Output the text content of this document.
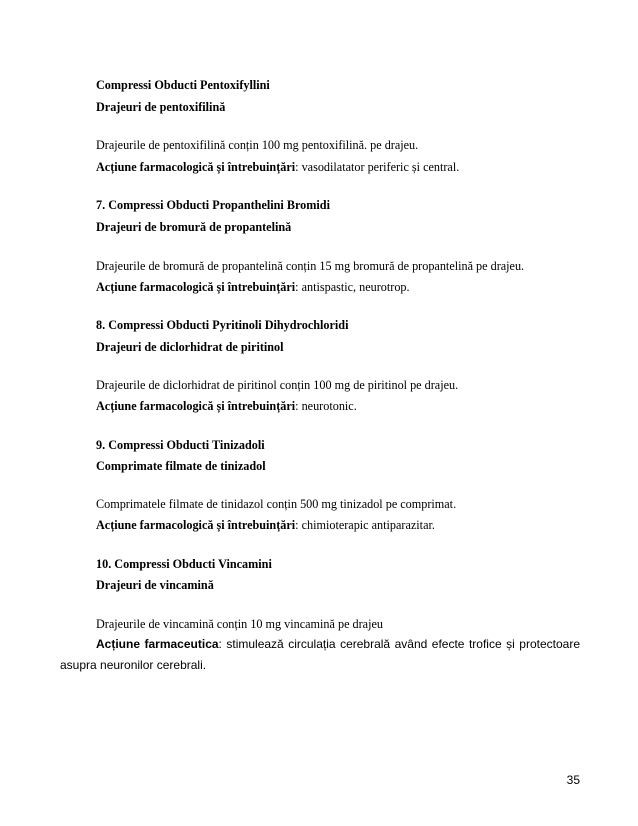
Compressi Obducti Pentoxifyllini
Drajeuri de pentoxifilină
Drajeurile de pentoxifilină conțin 100 mg pentoxifilină. pe drajeu.
Acțiune farmacologică și întrebuințări: vasodilatator periferic și central.
7. Compressi Obducti Propanthelini Bromidi
Drajeuri de bromură de propantelină
Drajeurile de bromură de propantelină conțin 15 mg bromură de propantelină pe drajeu.
Acțiune farmacologică și întrebuințări: antispastic, neurotrop.
8. Compressi Obducti Pyritinoli Dihydrochloridi
Drajeuri de diclorhidrat de piritinol
Drajeurile de diclorhidrat de piritinol conțin 100 mg de piritinol pe drajeu.
Acțiune farmacologică și întrebuințări: neurotonic.
9. Compressi Obducti Tinizadoli
Comprimate filmate de tinizadol
Comprimatele filmate de tinidazol conțin 500 mg tinizadol pe comprimat.
Acțiune farmacologică și întrebuințări: chimioterapic antiparazitar.
10. Compressi Obducti Vincamini
Drajeuri de vincamină
Drajeurile de vincamină conțin 10 mg vincamină pe drajeu
Acțiune farmaceutica: stimulează circulația cerebrală având efecte trofice și protectoare
asupra neuronilor cerebrali.
35
